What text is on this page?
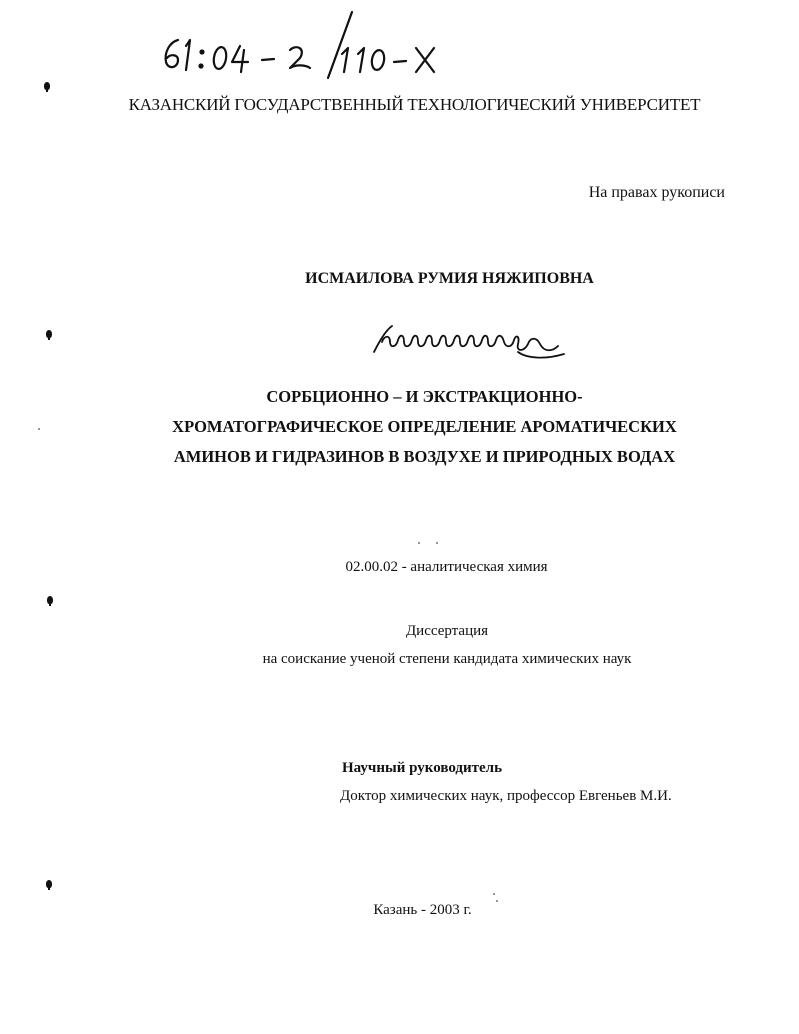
КАЗАНСКИЙ ГОСУДАРСТВЕННЫЙ ТЕХНОЛОГИЧЕСКИЙ УНИВЕРСИТЕТ
На правах рукописи
ИСМАИЛОВА РУМИЯ НЯЖИПОВНА
СОРБЦИОННО – И ЭКСТРАКЦИОННО-
ХРОМАТОГРАФИЧЕСКОЕ ОПРЕДЕЛЕНИЕ АРОМАТИЧЕСКИХ
АМИНОВ И ГИДРАЗИНОВ В ВОЗДУХЕ И ПРИРОДНЫХ ВОДАХ
02.00.02 - аналитическая химия
Диссертация
на соискание ученой степени кандидата химических наук
Научный руководитель
Доктор химических наук, профессор Евгеньев М.И.
Казань - 2003 г.
